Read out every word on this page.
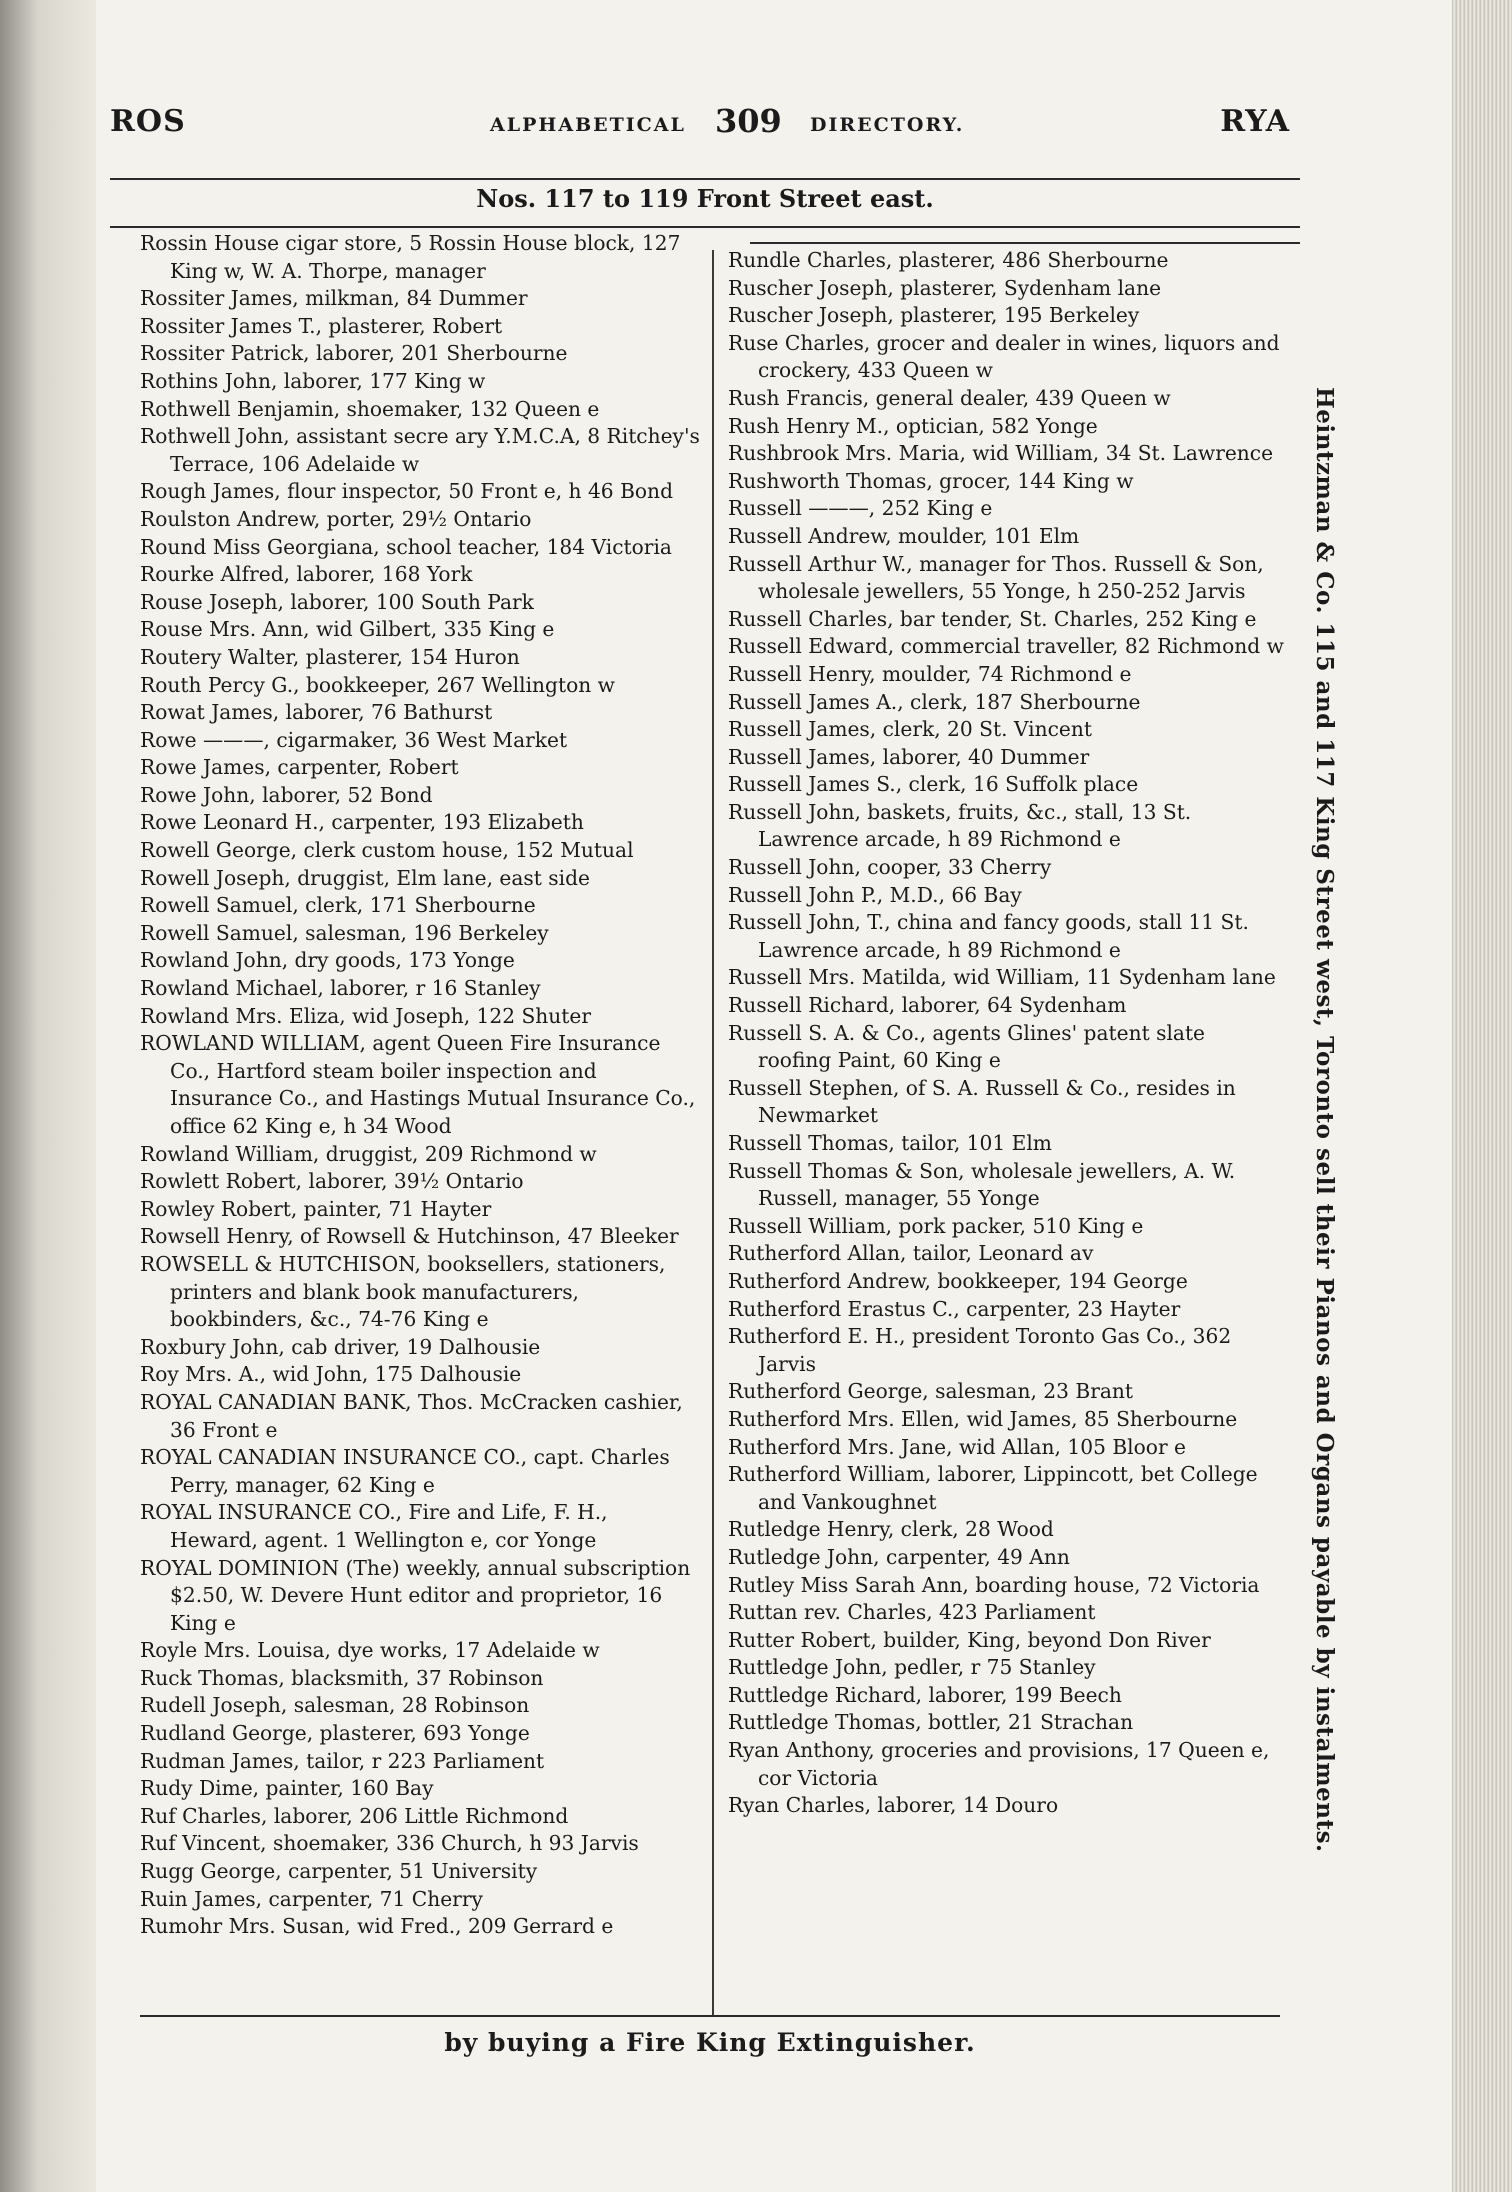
ROS	ALPHABETICAL 309 DIRECTORY.	RYA
Nos. 117 to 119 Front Street east.
Rossin House cigar store, 5 Rossin House block, 127 King w, W. A. Thorpe, manager
Rossiter James, milkman, 84 Dummer
Rossiter James T., plasterer, Robert
Rossiter Patrick, laborer, 201 Sherbourne
Rothins John, laborer, 177 King w
Rothwell Benjamin, shoemaker, 132 Queen e
Rothwell John, assistant secre ary Y.M.C.A, 8 Ritchey's Terrace, 106 Adelaide w
Rough James, flour inspector, 50 Front e, h 46 Bond
Roulston Andrew, porter, 29½ Ontario
Round Miss Georgiana, school teacher, 184 Victoria
Rourke Alfred, laborer, 168 York
Rouse Joseph, laborer, 100 South Park
Rouse Mrs. Ann, wid Gilbert, 335 King e
Routery Walter, plasterer, 154 Huron
Routh Percy G., bookkeeper, 267 Wellington w
Rowat James, laborer, 76 Bathurst
Rowe ———, cigarmaker, 36 West Market
Rowe James, carpenter, Robert
Rowe John, laborer, 52 Bond
Rowe Leonard H., carpenter, 193 Elizabeth
Rowell George, clerk custom house, 152 Mutual
Rowell Joseph, druggist, Elm lane, east side
Rowell Samuel, clerk, 171 Sherbourne
Rowell Samuel, salesman, 196 Berkeley
Rowland John, dry goods, 173 Yonge
Rowland Michael, laborer, r 16 Stanley
Rowland Mrs. Eliza, wid Joseph, 122 Shuter
ROWLAND WILLIAM, agent Queen Fire Insurance Co., Hartford steam boiler inspection and Insurance Co., and Hastings Mutual Insurance Co., office 62 King e, h 34 Wood
Rowland William, druggist, 209 Richmond w
Rowlett Robert, laborer, 39½ Ontario
Rowley Robert, painter, 71 Hayter
Rowsell Henry, of Rowsell & Hutchinson, 47 Bleeker
ROWSELL & HUTCHISON, booksellers, stationers, printers and blank book manufacturers, bookbinders, &c., 74-76 King e
Roxbury John, cab driver, 19 Dalhousie
Roy Mrs. A., wid John, 175 Dalhousie
ROYAL CANADIAN BANK, Thos. McCracken cashier, 36 Front e
ROYAL CANADIAN INSURANCE CO., capt. Charles Perry, manager, 62 King e
ROYAL INSURANCE CO., Fire and Life, F. H., Heward, agent. 1 Wellington e, cor Yonge
ROYAL DOMINION (The) weekly, annual subscription $2.50, W. Devere Hunt editor and proprietor, 16 King e
Royle Mrs. Louisa, dye works, 17 Adelaide w
Ruck Thomas, blacksmith, 37 Robinson
Rudell Joseph, salesman, 28 Robinson
Rudland George, plasterer, 693 Yonge
Rudman James, tailor, r 223 Parliament
Rudy Dime, painter, 160 Bay
Ruf Charles, laborer, 206 Little Richmond
Ruf Vincent, shoemaker, 336 Church, h 93 Jarvis
Rugg George, carpenter, 51 University
Ruin James, carpenter, 71 Cherry
Rumohr Mrs. Susan, wid Fred., 209 Gerrard e
Rundle Charles, plasterer, 486 Sherbourne
Ruscher Joseph, plasterer, Sydenham lane
Ruscher Joseph, plasterer, 195 Berkeley
Ruse Charles, grocer and dealer in wines, liquors and crockery, 433 Queen w
Rush Francis, general dealer, 439 Queen w
Rush Henry M., optician, 582 Yonge
Rushbrook Mrs. Maria, wid William, 34 St. Lawrence
Rushworth Thomas, grocer, 144 King w
Russell ———, 252 King e
Russell Andrew, moulder, 101 Elm
Russell Arthur W., manager for Thos. Russell & Son, wholesale jewellers, 55 Yonge, h 250-252 Jarvis
Russell Charles, bar tender, St. Charles, 252 King e
Russell Edward, commercial traveller, 82 Richmond w
Russell Henry, moulder, 74 Richmond e
Russell James A., clerk, 187 Sherbourne
Russell James, clerk, 20 St. Vincent
Russell James, laborer, 40 Dummer
Russell James S., clerk, 16 Suffolk place
Russell John, baskets, fruits, &c., stall, 13 St. Lawrence arcade, h 89 Richmond e
Russell John, cooper, 33 Cherry
Russell John P., M.D., 66 Bay
Russell John, T., china and fancy goods, stall 11 St. Lawrence arcade, h 89 Richmond e
Russell Mrs. Matilda, wid William, 11 Sydenham lane
Russell Richard, laborer, 64 Sydenham
Russell S. A. & Co., agents Glines' patent slate roofing Paint, 60 King e
Russell Stephen, of S. A. Russell & Co., resides in Newmarket
Russell Thomas, tailor, 101 Elm
Russell Thomas & Son, wholesale jewellers, A. W. Russell, manager, 55 Yonge
Russell William, pork packer, 510 King e
Rutherford Allan, tailor, Leonard av
Rutherford Andrew, bookkeeper, 194 George
Rutherford Erastus C., carpenter, 23 Hayter
Rutherford E. H., president Toronto Gas Co., 362 Jarvis
Rutherford George, salesman, 23 Brant
Rutherford Mrs. Ellen, wid James, 85 Sherbourne
Rutherford Mrs. Jane, wid Allan, 105 Bloor e
Rutherford William, laborer, Lippincott, bet College and Vankoughnet
Rutledge Henry, clerk, 28 Wood
Rutledge John, carpenter, 49 Ann
Rutley Miss Sarah Ann, boarding house, 72 Victoria
Ruttan rev. Charles, 423 Parliament
Rutter Robert, builder, King, beyond Don River
Ruttledge John, pedler, r 75 Stanley
Ruttledge Richard, laborer, 199 Beech
Ruttledge Thomas, bottler, 21 Strachan
Ryan Anthony, groceries and provisions, 17 Queen e, cor Victoria
Ryan Charles, laborer, 14 Douro	Heintzman & Co. 115 and 117 King Street west, Toronto sell their Pianos and Organs payable by instalments.
by buying a Fire King Extinguisher.
